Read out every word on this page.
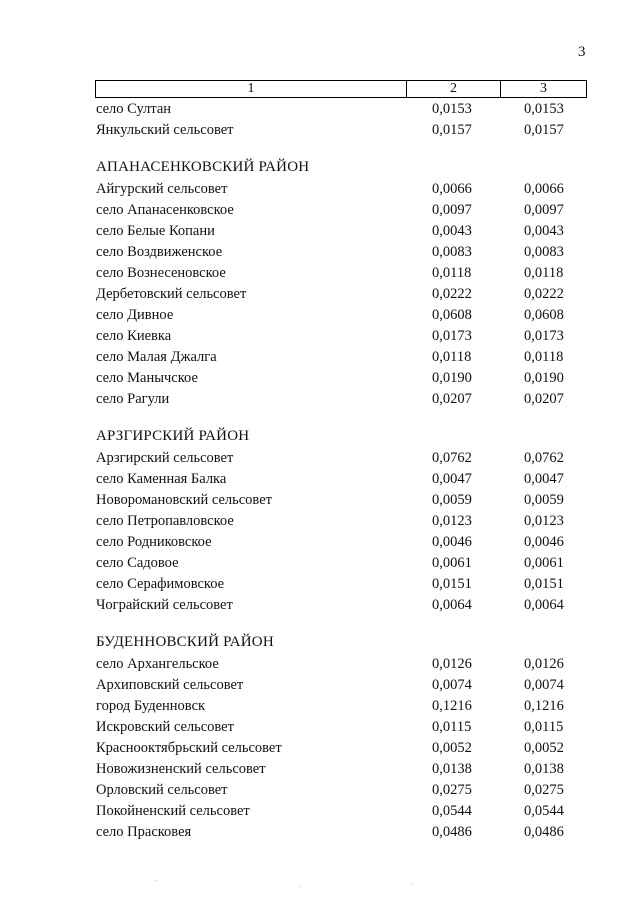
3
1	2	3
село Султан	0,0153	0,0153
Янкульский сельсовет	0,0157	0,0157
АПАНАСЕНКОВСКИЙ РАЙОН
Айгурский сельсовет	0,0066	0,0066
село Апанасенковское	0,0097	0,0097
село Белые Копани	0,0043	0,0043
село Воздвиженское	0,0083	0,0083
село Вознесеновское	0,0118	0,0118
Дербетовский сельсовет	0,0222	0,0222
село Дивное	0,0608	0,0608
село Киевка	0,0173	0,0173
село Малая Джалга	0,0118	0,0118
село Манычское	0,0190	0,0190
село Рагули	0,0207	0,0207
АРЗГИРСКИЙ РАЙОН
Арзгирский сельсовет	0,0762	0,0762
село Каменная Балка	0,0047	0,0047
Новоромановский сельсовет	0,0059	0,0059
село Петропавловское	0,0123	0,0123
село Родниковское	0,0046	0,0046
село Садовое	0,0061	0,0061
село Серафимовское	0,0151	0,0151
Чограйский сельсовет	0,0064	0,0064
БУДЕННОВСКИЙ РАЙОН
село Архангельское	0,0126	0,0126
Архиповский сельсовет	0,0074	0,0074
город Буденновск	0,1216	0,1216
Искровский сельсовет	0,0115	0,0115
Краснооктябрьский сельсовет	0,0052	0,0052
Новожизненский сельсовет	0,0138	0,0138
Орловский сельсовет	0,0275	0,0275
Покойненский сельсовет	0,0544	0,0544
село Прасковея	0,0486	0,0486
